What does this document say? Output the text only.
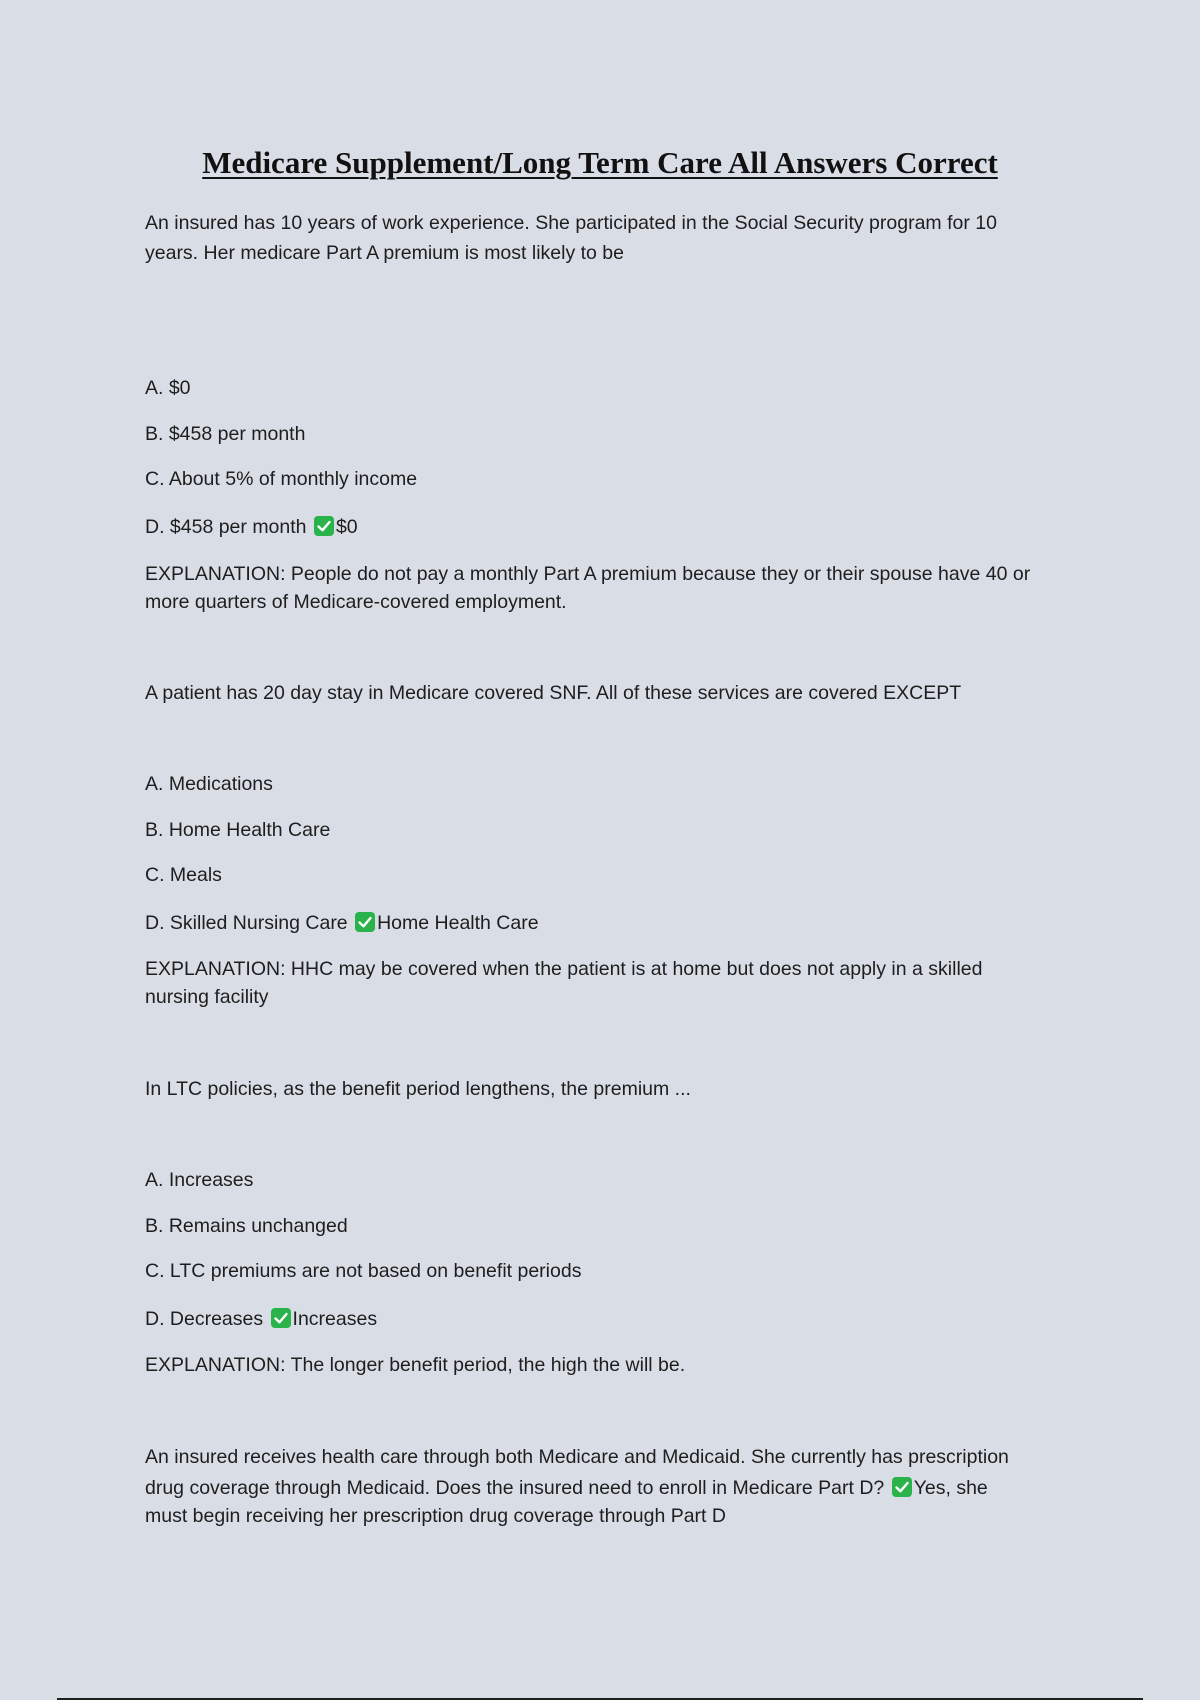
Medicare Supplement/Long Term Care All Answers Correct

An insured has 10 years of work experience. She participated in the Social Security program for 10

years. Her medicare Part A premium is most likely to be

A. $0

B. $458 per month

C. About 5% of monthly income

D. $458 per month $0

EXPLANATION: People do not pay a monthly Part A premium because they or their spouse have 40 or

more quarters of Medicare-covered employment.

A patient has 20 day stay in Medicare covered SNF. All of these services are covered EXCEPT

A. Medications

B. Home Health Care

C. Meals

D. Skilled Nursing Care Home Health Care

EXPLANATION: HHC may be covered when the patient is at home but does not apply in a skilled

nursing facility

In LTC policies, as the benefit period lengthens, the premium ...

A. Increases

B. Remains unchanged

C. LTC premiums are not based on benefit periods

D. Decreases Increases

EXPLANATION: The longer benefit period, the high the will be.

An insured receives health care through both Medicare and Medicaid. She currently has prescription

drug coverage through Medicaid. Does the insured need to enroll in Medicare Part D? Yes, she

must begin receiving her prescription drug coverage through Part D
